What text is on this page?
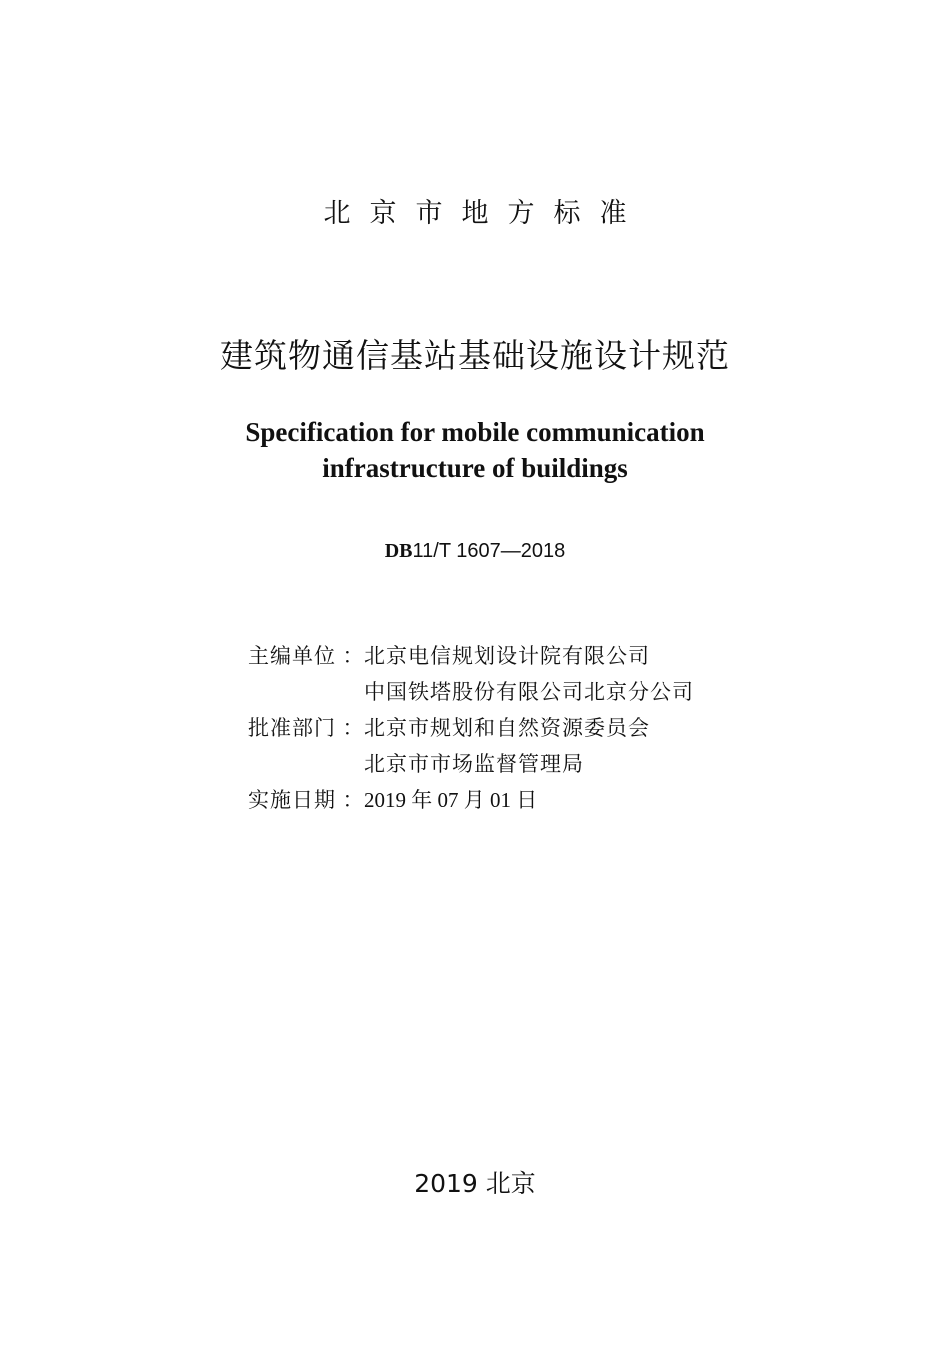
北京市地方标准
建筑物通信基站基础设施设计规范
Specification for mobile communication
infrastructure of buildings
DB11/T 1607—2018
主编单位 ： 北京电信规划设计院有限公司
中国铁塔股份有限公司北京分公司
批准部门 ： 北京市规划和自然资源委员会
北京市市场监督管理局
实施日期 ： 2019 年 07 月 01 日
2019 北京
